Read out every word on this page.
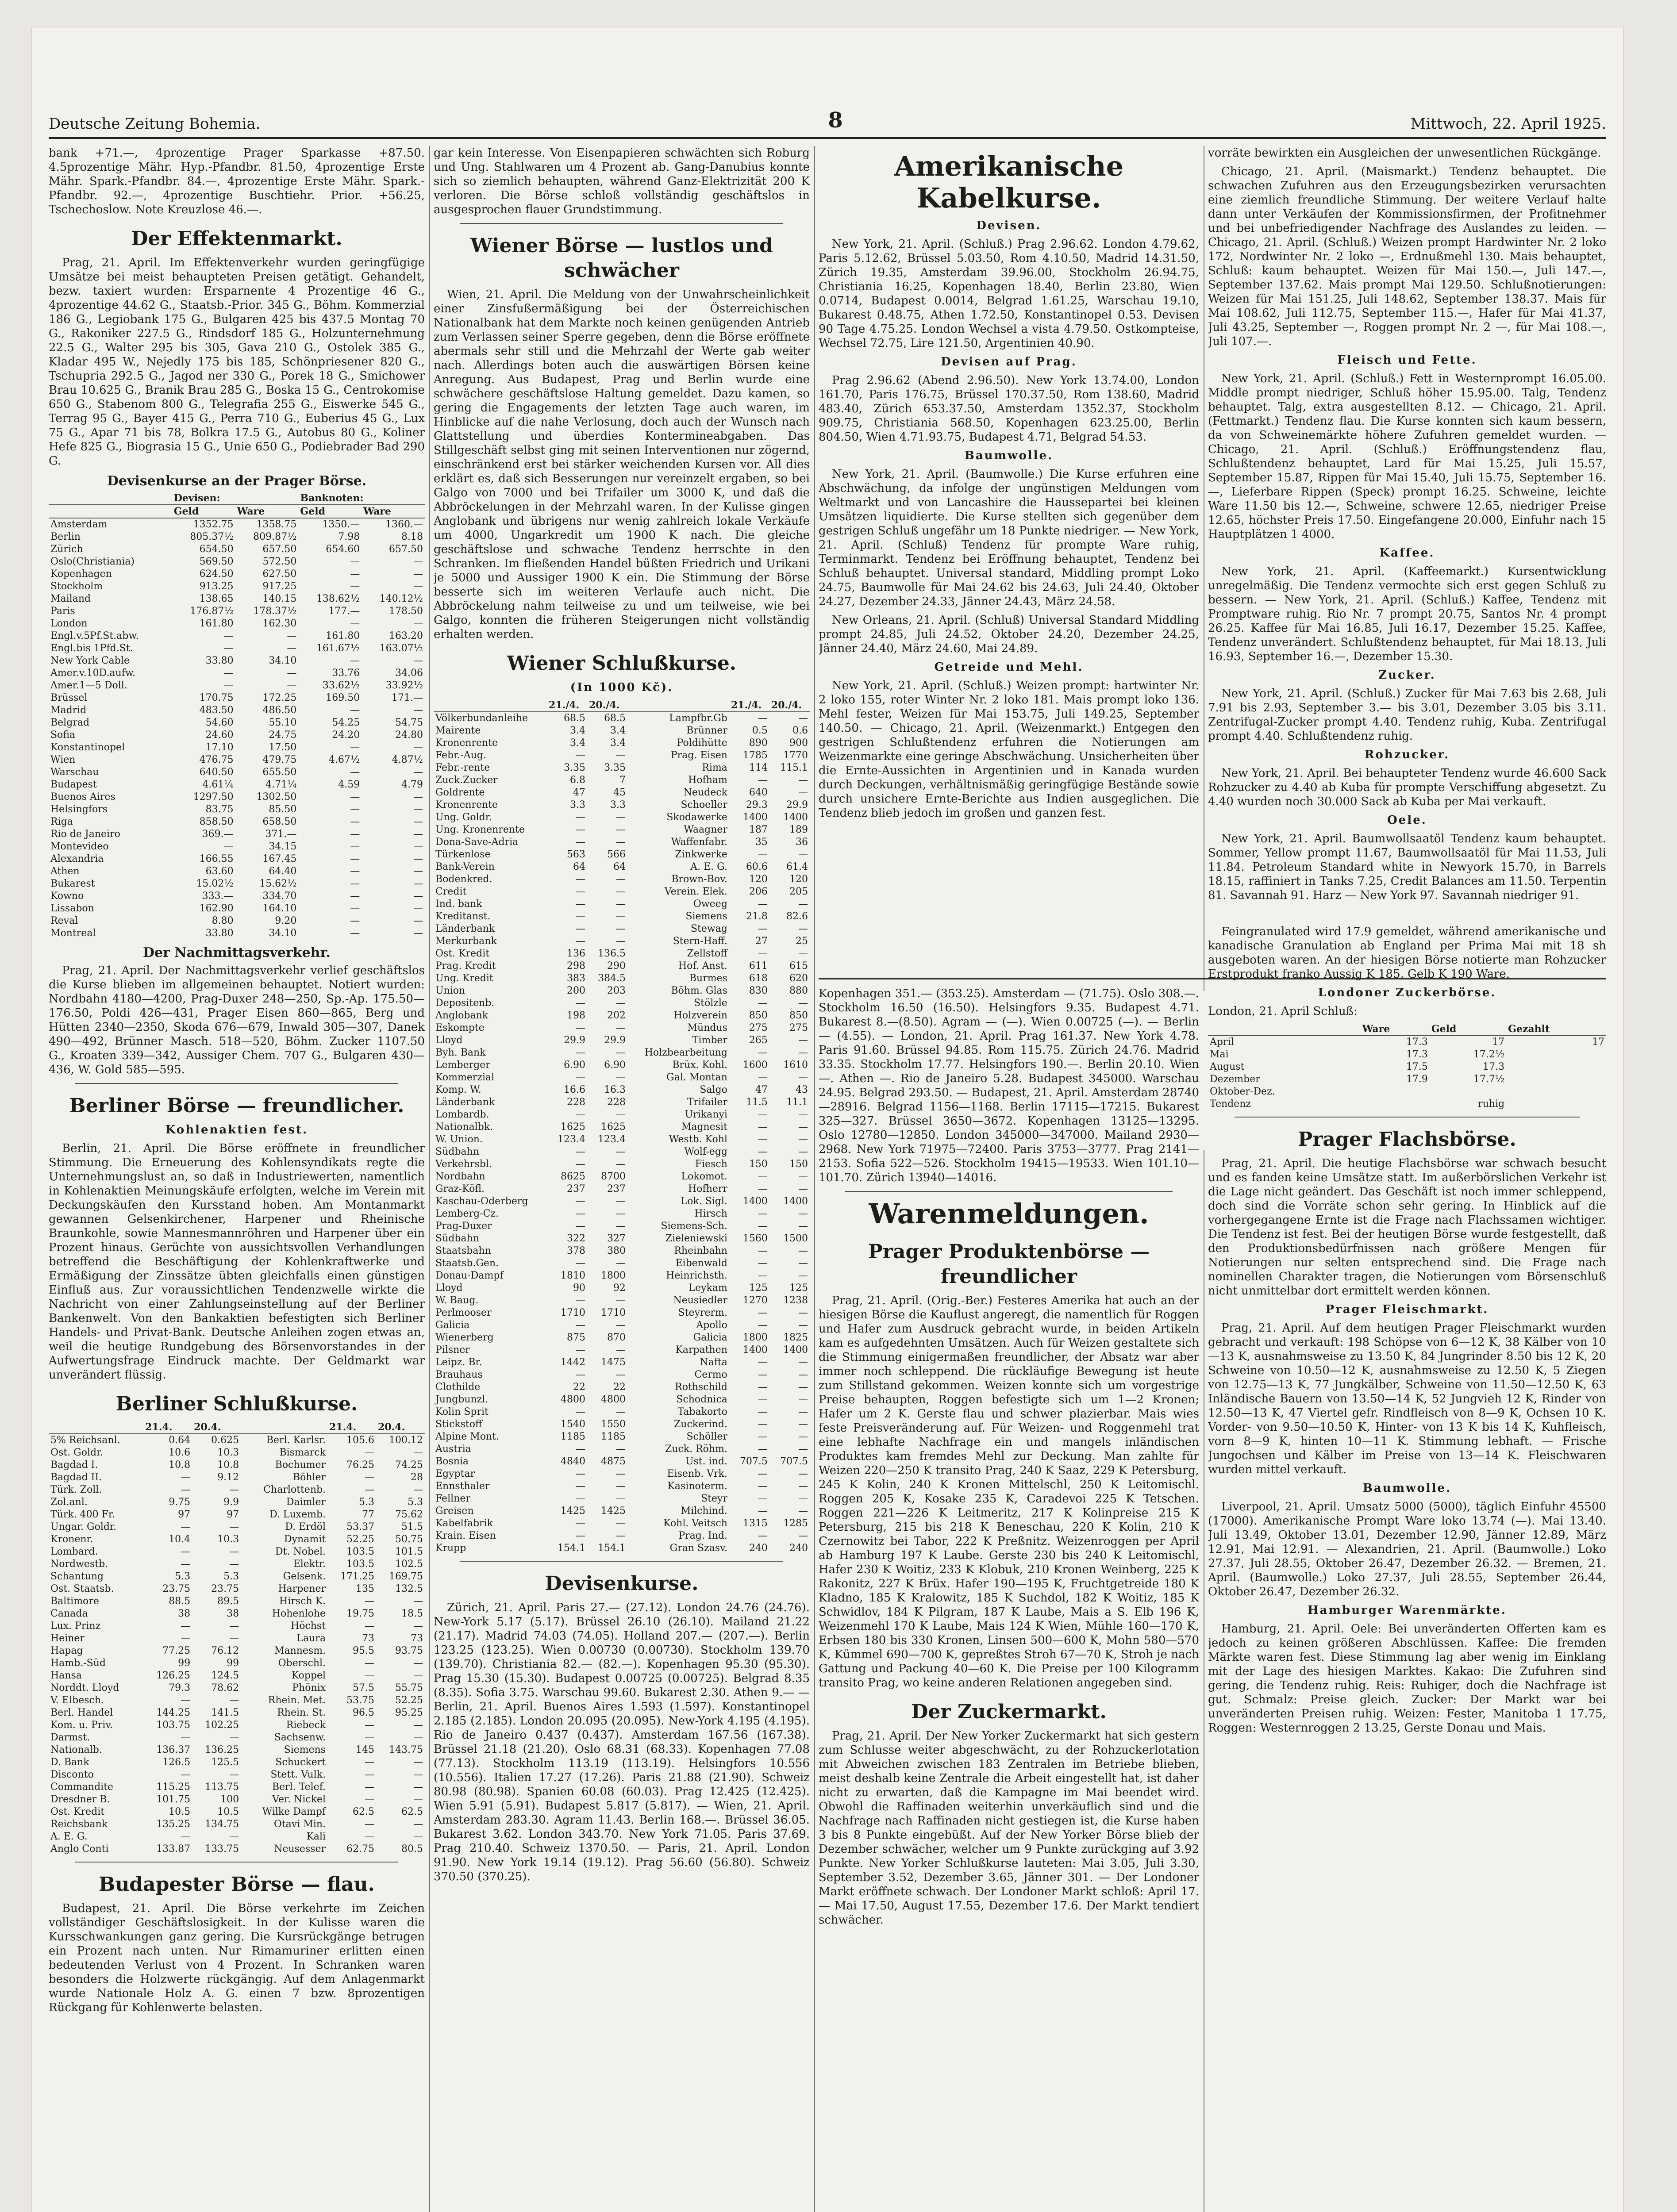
Deutsche Zeitung Bohemia.	8	Mittwoch, 22. April 1925.

bank +71.—, 4prozentige Prager Sparkasse +87.50. 4.5prozentige Mähr. Hyp.-Pfandbr. 81.50, 4prozentige Erste Mähr. Spark.-Pfandbr. 84.—, 4prozentige Erste Mähr. Spark.-Pfandbr. 92.—, 4prozentige Buschtiehr. Prior. +56.25, Tschechoslow. Note Kreuzlose 46.—.

Der Effektenmarkt.

Prag, 21. April. Im Effektenverkehr wurden geringfügige Umsätze bei meist behaupteten Preisen getätigt. Gehandelt, bezw. taxiert wurden: Ersparnente 4 Prozentige 46 G., 4prozentige 44.62 G., Staatsb.-Prior. 345 G., Böhm. Kommerzial 186 G., Legiobank 175 G., Bulgaren 425 bis 437.5 Montag 70 G., Rakoniker 227.5 G., Rindsdorf 185 G., Holzunternehmung 22.5 G., Walter 295 bis 305, Gava 210 G., Ostolek 385 G., Kladar 495 W., Nejedly 175 bis 185, Schönpriesener 820 G., Tschupria 292.5 G., Jagod ner 330 G., Porek 18 G., Smichower Brau 10.625 G., Branik Brau 285 G., Boska 15 G., Centrokomise 650 G., Stabenom 800 G., Telegrafia 255 G., Eiswerke 545 G., Terrag 95 G., Bayer 415 G., Perra 710 G., Euberius 45 G., Lux 75 G., Apar 71 bis 78, Bolkra 17.5 G., Autobus 80 G., Koliner Hefe 825 G., Biograsia 15 G., Unie 650 G., Podiebrader Bad 290 G.

Devisenkurse an der Prager Börse.
	Devisen:		Banknoten:	
	Geld	Ware	Geld	Ware
Amsterdam	1352.75	1358.75	1350.—	1360.—
Berlin	805.37½	809.87½	7.98	8.18
Zürich	654.50	657.50	654.60	657.50
Oslo(Christiania)	569.50	572.50	—	—
Kopenhagen	624.50	627.50	—	—
Stockholm	913.25	917.25	—	—
Mailand	138.65	140.15	138.62½	140.12½
Paris	176.87½	178.37½	177.—	178.50
London	161.80	162.30	—	—
Engl.v.5Pf.St.abw.	—	—	161.80	163.20
Engl.bis 1Pfd.St.	—	—	161.67½	163.07½
New York Cable	33.80	34.10	—	—
Amer.v.10D.aufw.	—	—	33.76	34.06
Amer.1—5 Doll.	—	—	33.62½	33.92½
Brüssel	170.75	172.25	169.50	171.—
Madrid	483.50	486.50	—	—
Belgrad	54.60	55.10	54.25	54.75
Sofia	24.60	24.75	24.20	24.80
Konstantinopel	17.10	17.50	—	—
Wien	476.75	479.75	4.67½	4.87½
Warschau	640.50	655.50	—	—
Budapest	4.61¼	4.71¼	4.59	4.79
Buenos Aires	1297.50	1302.50	—	—
Helsingfors	83.75	85.50	—	—
Riga	858.50	658.50	—	—
Rio de Janeiro	369.—	371.—	—	—
Montevideo	—	34.15	—	—
Alexandria	166.55	167.45	—	—
Athen	63.60	64.40	—	—
Bukarest	15.02½	15.62½	—	—
Kowno	333.—	334.70	—	—
Lissabon	162.90	164.10	—	—
Reval	8.80	9.20	—	—
Montreal	33.80	34.10	—	—
Der Nachmittagsverkehr.

Prag, 21. April. Der Nachmittagsverkehr verlief geschäftslos die Kurse blieben im allgemeinen behauptet. Notiert wurden: Nordbahn 4180—4200, Prag-Duxer 248—250, Sp.-Ap. 175.50—176.50, Poldi 426—431, Prager Eisen 860—865, Berg und Hütten 2340—2350, Skoda 676—679, Inwald 305—307, Danek 490—492, Brünner Masch. 518—520, Böhm. Zucker 1107.50 G., Kroaten 339—342, Aussiger Chem. 707 G., Bulgaren 430—436, W. Gold 585—595.

Berliner Börse — freundlicher.
Kohlenaktien fest.

Berlin, 21. April. Die Börse eröffnete in freundlicher Stimmung. Die Erneuerung des Kohlensyndikats regte die Unternehmungslust an, so daß in Industriewerten, namentlich in Kohlenaktien Meinungskäufe erfolgten, welche im Verein mit Deckungskäufen den Kursstand hoben. Am Montanmarkt gewannen Gelsenkirchener, Harpener und Rheinische Braunkohle, sowie Mannesmannröhren und Harpener über ein Prozent hinaus. Gerüchte von aussichtsvollen Verhandlungen betreffend die Beschäftigung der Kohlenkraftwerke und Ermäßigung der Zinssätze übten gleichfalls einen günstigen Einfluß aus. Zur voraussichtlichen Tendenzwelle wirkte die Nachricht von einer Zahlungseinstellung auf der Berliner Bankenwelt. Von den Bankaktien befestigten sich Berliner Handels- und Privat-Bank. Deutsche Anleihen zogen etwas an, weil die heutige Rundgebung des Börsenvorstandes in der Aufwertungsfrage Eindruck machte. Der Geldmarkt war unverändert flüssig.

Berliner Schlußkurse.
	21.4.	20.4.		21.4.	20.4.
5% Reichsanl.	0.64	0.625	Berl. Karlsr.	105.6	100.12
Ost. Goldr.	10.6	10.3	Bismarck	—	—
Bagdad I.	10.8	10.8	Bochumer	76.25	74.25
Bagdad II.	—	9.12	Böhler	—	28
Türk. Zoll.	—	—	Charlottenb.	—	—
Zol.anl.	9.75	9.9	Daimler	5.3	5.3
Türk. 400 Fr.	97	97	D. Luxemb.	77	75.62
Ungar. Goldr.	—	—	D. Erdöl	53.37	51.5
Kronenr.	10.4	10.3	Dynamit	52.25	50.75
Lombard.	—	—	Dt. Nobel.	103.5	101.5
Nordwestb.	—	—	Elektr.	103.5	102.5
Schantung	5.3	5.3	Gelsenk.	171.25	169.75
Ost. Staatsb.	23.75	23.75	Harpener	135	132.5
Baltimore	88.5	89.5	Hirsch K.	—	—
Canada	38	38	Hohenlohe	19.75	18.5
Lux. Prinz	—	—	Höchst	—	—
Heiner	—	—	Laura	73	73
Hapag	77.25	76.12	Mannesm.	95.5	93.75
Hamb.-Süd	99	99	Oberschl.	—	—
Hansa	126.25	124.5	Koppel	—	—
Norddt. Lloyd	79.3	78.62	Phönix	57.5	55.75
V. Elbesch.	—	—	Rhein. Met.	53.75	52.25
Berl. Handel	144.25	141.5	Rhein. St.	96.5	95.25
Kom. u. Priv.	103.75	102.25	Riebeck	—	—
Darmst.	—	—	Sachsenw.	—	—
Nationalb.	136.37	136.25	Siemens	145	143.75
D. Bank	126.5	125.5	Schuckert	—	—
Disconto	—	—	Stett. Vulk.	—	—
Commandite	115.25	113.75	Berl. Telef.	—	—
Dresdner B.	101.75	100	Ver. Nickel	—	—
Ost. Kredit	10.5	10.5	Wilke Dampf	62.5	62.5
Reichsbank	135.25	134.75	Otavi Min.	—	—
A. E. G.	—	—	Kali	—	—
Anglo Conti	133.87	133.75	Neusesser	62.75	80.5
Budapester Börse — flau.

Budapest, 21. April. Die Börse verkehrte im Zeichen vollständiger Geschäftslosigkeit. In der Kulisse waren die Kursschwankungen ganz gering. Die Kursrückgänge betrugen ein Prozent nach unten. Nur Rimamuriner erlitten einen bedeutenden Verlust von 4 Prozent. In Schranken waren besonders die Holzwerte rückgängig. Auf dem Anlagenmarkt wurde Nationale Holz A. G. einen 7 bzw. 8prozentigen Rückgang für Kohlenwerte belasten.

gar kein Interesse. Von Eisenpapieren schwächten sich Roburg und Ung. Stahlwaren um 4 Prozent ab. Gang-Danubius konnte sich so ziemlich behaupten, während Ganz-Elektrizität 200 K verloren. Die Börse schloß vollständig geschäftslos in ausgesprochen flauer Grundstimmung.

Wiener Börse — lustlos und schwächer

Wien, 21. April. Die Meldung von der Unwahrscheinlichkeit einer Zinsfußermäßigung bei der Österreichischen Nationalbank hat dem Markte noch keinen genügenden Antrieb zum Verlassen seiner Sperre gegeben, denn die Börse eröffnete abermals sehr still und die Mehrzahl der Werte gab weiter nach. Allerdings boten auch die auswärtigen Börsen keine Anregung. Aus Budapest, Prag und Berlin wurde eine schwächere geschäftslose Haltung gemeldet. Dazu kamen, so gering die Engagements der letzten Tage auch waren, im Hinblicke auf die nahe Verlosung, doch auch der Wunsch nach Glattstellung und überdies Kontermineabgaben. Das Stillgeschäft selbst ging mit seinen Interventionen nur zögernd, einschränkend erst bei stärker weichenden Kursen vor. All dies erklärt es, daß sich Besserungen nur vereinzelt ergaben, so bei Galgo von 7000 und bei Trifailer um 3000 K, und daß die Abbröckelungen in der Mehrzahl waren. In der Kulisse gingen Anglobank und übrigens nur wenig zahlreich lokale Verkäufe um 4000, Ungarkredit um 1900 K nach. Die gleiche geschäftslose und schwache Tendenz herrschte in den Schranken. Im fließenden Handel büßten Friedrich und Urikani je 5000 und Aussiger 1900 K ein. Die Stimmung der Börse besserte sich im weiteren Verlaufe auch nicht. Die Abbröckelung nahm teilweise zu und um teilweise, wie bei Galgo, konnten die früheren Steigerungen nicht vollständig erhalten werden.

Wiener Schlußkurse.
(In 1000 Kč).
	21./4.	20./4.		21./4.	20./4.
Völkerbundanleihe	68.5	68.5	Lampfbr.Gb	—	—
Mairente	3.4	3.4	Brünner	0.5	0.6
Kronenrente	3.4	3.4	Poldihütte	890	900
Febr.-Aug.	—	—	Prag. Eisen	1785	1770
Febr.-rente	3.35	3.35	Rima	114	115.1
Zuck.Zucker	6.8	7	Hofham	—	—
Goldrente	47	45	Neudeck	640	—
Kronenrente	3.3	3.3	Schoeller	29.3	29.9
Ung. Goldr.	—	—	Skodawerke	1400	1400
Ung. Kronenrente	—	—	Waagner	187	189
Dona-Save-Adria	—	—	Waffenfabr.	35	36
Türkenlose	563	566	Zinkwerke	—	—
Bank-Verein	64	64	A. E. G.	60.6	61.4
Bodenkred.	—	—	Brown-Bov.	120	120
Credit	—	—	Verein. Elek.	206	205
Ind. bank	—	—	Oweeg	—	—
Kreditanst.	—	—	Siemens	21.8	82.6
Länderbank	—	—	Stewag	—	—
Merkurbank	—	—	Stern-Haff.	27	25
Ost. Kredit	136	136.5	Zellstoff	—	—
Prag. Kredit	298	290	Hof. Anst.	611	615
Ung. Kredit	383	384.5	Burmes	618	620
Union	200	203	Böhm. Glas	830	880
Depositenb.	—	—	Stölzle	—	—
Anglobank	198	202	Holzverein	850	850
Eskompte	—	—	Mündus	275	275
Lloyd	29.9	29.9	Timber	265	—
Byh. Bank	—	—	Holzbearbeitung	—	—
Lemberger	6.90	6.90	Brüx. Kohl.	1600	1610
Kommerzial	—	—	Gal. Montan	—	—
Komp. W.	16.6	16.3	Salgo	47	43
Länderbank	228	228	Trifailer	11.5	11.1
Lombardb.	—	—	Urikanyi	—	—
Nationalbk.	1625	1625	Magnesit	—	—
W. Union.	123.4	123.4	Westb. Kohl	—	—
Südbahn	—	—	Wolf-egg	—	—
Verkehrsbl.	—	—	Fiesch	150	150
Nordbahn	8625	8700	Lokomot.	—	—
Graz-Köfl.	237	237	Hofherr	—	—
Kaschau-Oderberg	—	—	Lok. Sigl.	1400	1400
Lemberg-Cz.	—	—	Hirsch	—	—
Prag-Duxer	—	—	Siemens-Sch.	—	—
Südbahn	322	327	Zieleniewski	1560	1500
Staatsbahn	378	380	Rheinbahn	—	—
Staatsb.Gen.	—	—	Eibenwald	—	—
Donau-Dampf	1810	1800	Heinrichsth.	—	—
Lloyd	90	92	Leykam	125	125
W. Baug.	—	—	Neusiedler	1270	1238
Perlmooser	1710	1710	Steyrerm.	—	—
Galicia	—	—	Apollo	—	—
Wienerberg	875	870	Galicia	1800	1825
Pilsner	—	—	Karpathen	1400	1400
Leipz. Br.	1442	1475	Nafta	—	—
Brauhaus	—	—	Cermo	—	—
Clothilde	22	22	Rothschild	—	—
Jungbunzl.	4800	4800	Schodnica	—	—
Kolin Sprit	—	—	Tabakorto	—	—
Stickstoff	1540	1550	Zuckerind.	—	—
Alpine Mont.	1185	1185	Schöller	—	—
Austria	—	—	Zuck. Röhm.	—	—
Bosnia	4840	4875	Ust. ind.	707.5	707.5
Egyptar	—	—	Eisenb. Vrk.	—	—
Ennsthaler	—	—	Kasinoterm.	—	—
Fellner	—	—	Steyr	—	—
Greisen	1425	1425	Milchind.	—	—
Kabelfabrik	—	—	Kohl. Veitsch	1315	1285
Krain. Eisen	—	—	Prag. Ind.	—	—
Krupp	154.1	154.1	Gran Szasv.	240	240
Devisenkurse.

Zürich, 21. April. Paris 27.— (27.12). London 24.76 (24.76). New-York 5.17 (5.17). Brüssel 26.10 (26.10). Mailand 21.22 (21.17). Madrid 74.03 (74.05). Holland 207.— (207.—). Berlin 123.25 (123.25). Wien 0.00730 (0.00730). Stockholm 139.70 (139.70). Christiania 82.— (82.—). Kopenhagen 95.30 (95.30). Prag 15.30 (15.30). Budapest 0.00725 (0.00725). Belgrad 8.35 (8.35). Sofia 3.75. Warschau 99.60. Bukarest 2.30. Athen 9.— — Berlin, 21. April. Buenos Aires 1.593 (1.597). Konstantinopel 2.185 (2.185). London 20.095 (20.095). New-York 4.195 (4.195). Rio de Janeiro 0.437 (0.437). Amsterdam 167.56 (167.38). Brüssel 21.18 (21.20). Oslo 68.31 (68.33). Kopenhagen 77.08 (77.13). Stockholm 113.19 (113.19). Helsingfors 10.556 (10.556). Italien 17.27 (17.26). Paris 21.88 (21.90). Schweiz 80.98 (80.98). Spanien 60.08 (60.03). Prag 12.425 (12.425). Wien 5.91 (5.91). Budapest 5.817 (5.817). — Wien, 21. April. Amsterdam 283.30. Agram 11.43. Berlin 168.—. Brüssel 36.05. Bukarest 3.62. London 343.70. New York 71.05. Paris 37.69. Prag 210.40. Schweiz 1370.50. — Paris, 21. April. London 91.90. New York 19.14 (19.12). Prag 56.60 (56.80). Schweiz 370.50 (370.25).

Amerikanische Kabelkurse.
Devisen.

New York, 21. April. (Schluß.) Prag 2.96.62. London 4.79.62, Paris 5.12.62, Brüssel 5.03.50, Rom 4.10.50, Madrid 14.31.50, Zürich 19.35, Amsterdam 39.96.00, Stockholm 26.94.75, Christiania 16.25, Kopenhagen 18.40, Berlin 23.80, Wien 0.0714, Budapest 0.0014, Belgrad 1.61.25, Warschau 19.10, Bukarest 0.48.75, Athen 1.72.50, Konstantinopel 0.53. Devisen 90 Tage 4.75.25. London Wechsel a vista 4.79.50. Ostkompteise, Wechsel 72.75, Lire 121.50, Argentinien 40.90.

Devisen auf Prag.

Prag 2.96.62 (Abend 2.96.50). New York 13.74.00, London 161.70, Paris 176.75, Brüssel 170.37.50, Rom 138.60, Madrid 483.40, Zürich 653.37.50, Amsterdam 1352.37, Stockholm 909.75, Christiania 568.50, Kopenhagen 623.25.00, Berlin 804.50, Wien 4.71.93.75, Budapest 4.71, Belgrad 54.53.

Baumwolle.

New York, 21. April. (Baumwolle.) Die Kurse erfuhren eine Abschwächung, da infolge der ungünstigen Meldungen vom Weltmarkt und von Lancashire die Haussepartei bei kleinen Umsätzen liquidierte. Die Kurse stellten sich gegenüber dem gestrigen Schluß ungefähr um 18 Punkte niedriger. — New York, 21. April. (Schluß) Tendenz für prompte Ware ruhig, Terminmarkt. Tendenz bei Eröffnung behauptet, Tendenz bei Schluß behauptet. Universal standard, Middling prompt Loko 24.75, Baumwolle für Mai 24.62 bis 24.63, Juli 24.40, Oktober 24.27, Dezember 24.33, Jänner 24.43, März 24.58.

New Orleans, 21. April. (Schluß) Universal Standard Middling prompt 24.85, Juli 24.52, Oktober 24.20, Dezember 24.25, Jänner 24.40, März 24.60, Mai 24.89.

Getreide und Mehl.

New York, 21. April. (Schluß.) Weizen prompt: hartwinter Nr. 2 loko 155, roter Winter Nr. 2 loko 181. Mais prompt loko 136. Mehl fester, Weizen für Mai 153.75, Juli 149.25, September 140.50. — Chicago, 21. April. (Weizenmarkt.) Entgegen den gestrigen Schlußtendenz erfuhren die Notierungen am Weizenmarkte eine geringe Abschwächung. Unsicherheiten über die Ernte-Aussichten in Argentinien und in Kanada wurden durch Deckungen, verhältnismäßig geringfügige Bestände sowie durch unsichere Ernte-Berichte aus Indien ausgeglichen. Die Tendenz blieb jedoch im großen und ganzen fest.

Kopenhagen 351.— (353.25). Amsterdam — (71.75). Oslo 308.—. Stockholm 16.50 (16.50). Helsingfors 9.35. Budapest 4.71. Bukarest 8.—(8.50). Agram — (—). Wien 0.00725 (—). — Berlin — (4.55). — London, 21. April. Prag 161.37. New York 4.78. Paris 91.60. Brüssel 94.85. Rom 115.75. Zürich 24.76. Madrid 33.35. Stockholm 17.77. Helsingfors 190.—. Berlin 20.10. Wien —. Athen —. Rio de Janeiro 5.28. Budapest 345000. Warschau 24.95. Belgrad 293.50. — Budapest, 21. April. Amsterdam 28740—28916. Belgrad 1156—1168. Berlin 17115—17215. Bukarest 325—327. Brüssel 3650—3672. Kopenhagen 13125—13295. Oslo 12780—12850. London 345000—347000. Mailand 2930—2968. New York 71975—72400. Paris 3753—3777. Prag 2141—2153. Sofia 522—526. Stockholm 19415—19533. Wien 101.10—101.70. Zürich 13940—14016.

Warenmeldungen.
Prager Produktenbörse — freundlicher

Prag, 21. April. (Orig.-Ber.) Festeres Amerika hat auch an der hiesigen Börse die Kauflust angeregt, die namentlich für Roggen und Hafer zum Ausdruck gebracht wurde, in beiden Artikeln kam es aufgedehnten Umsätzen. Auch für Weizen gestaltete sich die Stimmung einigermaßen freundlicher, der Absatz war aber immer noch schleppend. Die rückläufige Bewegung ist heute zum Stillstand gekommen. Weizen konnte sich um vorgestrige Preise behaupten, Roggen befestigte sich um 1—2 Kronen; Hafer um 2 K. Gerste flau und schwer plazierbar. Mais wies feste Preisveränderung auf. Für Weizen- und Roggenmehl trat eine lebhafte Nachfrage ein und mangels inländischen Produktes kam fremdes Mehl zur Deckung. Man zahlte für Weizen 220—250 K transito Prag, 240 K Saaz, 229 K Petersburg, 245 K Kolin, 240 K Kronen Mittelschl, 250 K Leitomischl. Roggen 205 K, Kosake 235 K, Caradevoi 225 K Tetschen. Roggen 221—226 K Leitmeritz, 217 K Kolinpreise 215 K Petersburg, 215 bis 218 K Beneschau, 220 K Kolin, 210 K Czernowitz bei Tabor, 222 K Preßnitz. Weizenroggen per April ab Hamburg 197 K Laube. Gerste 230 bis 240 K Leitomischl, Hafer 230 K Woitiz, 233 K Klobuk, 210 Kronen Weinberg, 225 K Rakonitz, 227 K Brüx. Hafer 190—195 K, Fruchtgetreide 180 K Kladno, 185 K Kralowitz, 185 K Suchdol, 182 K Woitiz, 185 K Schwidlov, 184 K Pilgram, 187 K Laube, Mais a S. Elb 196 K, Weizenmehl 170 K Laube, Mais 124 K Wien, Mühle 160—170 K, Erbsen 180 bis 330 Kronen, Linsen 500—600 K, Mohn 580—570 K, Kümmel 690—700 K, gepreßtes Stroh 67—70 K, Stroh je nach Gattung und Packung 40—60 K. Die Preise per 100 Kilogramm transito Prag, wo keine anderen Relationen angegeben sind.

Der Zuckermarkt.

Prag, 21. April. Der New Yorker Zuckermarkt hat sich gestern zum Schlusse weiter abgeschwächt, zu der Rohzuckerlotation mit Abweichen zwischen 183 Zentralen im Betriebe blieben, meist deshalb keine Zentrale die Arbeit eingestellt hat, ist daher nicht zu erwarten, daß die Kampagne im Mai beendet wird. Obwohl die Raffinaden weiterhin unverkäuflich sind und die Nachfrage nach Raffinaden nicht gestiegen ist, die Kurse haben 3 bis 8 Punkte eingebüßt. Auf der New Yorker Börse blieb der Dezember schwächer, welcher um 9 Punkte zurückging auf 3.92 Punkte. New Yorker Schlußkurse lauteten: Mai 3.05, Juli 3.30, September 3.52, Dezember 3.65, Jänner 301. — Der Londoner Markt eröffnete schwach. Der Londoner Markt schloß: April 17. — Mai 17.50, August 17.55, Dezember 17.6. Der Markt tendiert schwächer.

vorräte bewirkten ein Ausgleichen der unwesentlichen Rückgänge.

Chicago, 21. April. (Maismarkt.) Tendenz behauptet. Die schwachen Zufuhren aus den Erzeugungsbezirken verursachten eine ziemlich freundliche Stimmung. Der weitere Verlauf halte dann unter Verkäufen der Kommissionsfirmen, der Profitnehmer und bei unbefriedigender Nachfrage des Auslandes zu leiden. — Chicago, 21. April. (Schluß.) Weizen prompt Hardwinter Nr. 2 loko 172, Nordwinter Nr. 2 loko —, Erdnußmehl 130. Mais behauptet, Schluß: kaum behauptet. Weizen für Mai 150.—, Juli 147.—, September 137.62. Mais prompt Mai 129.50. Schlußnotierungen: Weizen für Mai 151.25, Juli 148.62, September 138.37. Mais für Mai 108.62, Juli 112.75, September 115.—, Hafer für Mai 41.37, Juli 43.25, September —, Roggen prompt Nr. 2 —, für Mai 108.—, Juli 107.—.

Fleisch und Fette.

New York, 21. April. (Schluß.) Fett in Westernprompt 16.05.00. Middle prompt niedriger, Schluß höher 15.95.00. Talg, Tendenz behauptet. Talg, extra ausgestellten 8.12. — Chicago, 21. April. (Fettmarkt.) Tendenz flau. Die Kurse konnten sich kaum bessern, da von Schweinemärkte höhere Zufuhren gemeldet wurden. — Chicago, 21. April. (Schluß.) Eröffnungstendenz flau, Schlußtendenz behauptet, Lard für Mai 15.25, Juli 15.57, September 15.87, Rippen für Mai 15.40, Juli 15.75, September 16.—, Lieferbare Rippen (Speck) prompt 16.25. Schweine, leichte Ware 11.50 bis 12.—, Schweine, schwere 12.65, niedriger Preise 12.65, höchster Preis 17.50. Eingefangene 20.000, Einfuhr nach 15 Hauptplätzen 1 4000.

Kaffee.

New York, 21. April. (Kaffeemarkt.) Kursentwicklung unregelmäßig. Die Tendenz vermochte sich erst gegen Schluß zu bessern. — New York, 21. April. (Schluß.) Kaffee, Tendenz mit Promptware ruhig. Rio Nr. 7 prompt 20.75, Santos Nr. 4 prompt 26.25. Kaffee für Mai 16.85, Juli 16.17, Dezember 15.25. Kaffee, Tendenz unverändert. Schlußtendenz behauptet, für Mai 18.13, Juli 16.93, September 16.—, Dezember 15.30.

Zucker.

New York, 21. April. (Schluß.) Zucker für Mai 7.63 bis 2.68, Juli 7.91 bis 2.93, September 3.— bis 3.01, Dezember 3.05 bis 3.11. Zentrifugal-Zucker prompt 4.40. Tendenz ruhig, Kuba. Zentrifugal prompt 4.40. Schlußtendenz ruhig.

Rohzucker.

New York, 21. April. Bei behaupteter Tendenz wurde 46.600 Sack Rohzucker zu 4.40 ab Kuba für prompte Verschiffung abgesetzt. Zu 4.40 wurden noch 30.000 Sack ab Kuba per Mai verkauft.

Oele.

New York, 21. April. Baumwollsaatöl Tendenz kaum behauptet. Sommer, Yellow prompt 11.67, Baumwollsaatöl für Mai 11.53, Juli 11.84. Petroleum Standard white in Newyork 15.70, in Barrels 18.15, raffiniert in Tanks 7.25, Credit Balances am 11.50. Terpentin 81. Savannah 91. Harz — New York 97. Savannah niedriger 91.

Feingranulated wird 17.9 gemeldet, während amerikanische und kanadische Granulation ab England per Prima Mai mit 18 sh ausgeboten waren. An der hiesigen Börse notierte man Rohzucker Erstprodukt franko Aussig K 185, Gelb K 190 Ware.

Londoner Zuckerbörse.

London, 21. April Schluß:

	Ware	Geld	Gezahlt
April	17.3	17	17
Mai	17.3	17.2½	
August	17.5	17.3	
Dezember	17.9	17.7½	
Oktober-Dez.			
Tendenz		ruhig	
Prager Flachsbörse.

Prag, 21. April. Die heutige Flachsbörse war schwach besucht und es fanden keine Umsätze statt. Im außerbörslichen Verkehr ist die Lage nicht geändert. Das Geschäft ist noch immer schleppend, doch sind die Vorräte schon sehr gering. In Hinblick auf die vorhergegangene Ernte ist die Frage nach Flachssamen wichtiger. Die Tendenz ist fest. Bei der heutigen Börse wurde festgestellt, daß den Produktionsbedürfnissen nach größere Mengen für Notierungen nur selten entsprechend sind. Die Frage nach nominellen Charakter tragen, die Notierungen vom Börsenschluß nicht unmittelbar dort ermittelt werden können.

Prager Fleischmarkt.

Prag, 21. April. Auf dem heutigen Prager Fleischmarkt wurden gebracht und verkauft: 198 Schöpse von 6—12 K, 38 Kälber von 10—13 K, ausnahmsweise zu 13.50 K, 84 Jungrinder 8.50 bis 12 K, 20 Schweine von 10.50—12 K, ausnahmsweise zu 12.50 K, 5 Ziegen von 12.75—13 K, 77 Jungkälber, Schweine von 11.50—12.50 K, 63 Inländische Bauern von 13.50—14 K, 52 Jungvieh 12 K, Rinder von 12.50—13 K, 47 Viertel gefr. Rindfleisch von 8—9 K, Ochsen 10 K. Vorder- von 9.50—10.50 K, Hinter- von 13 K bis 14 K, Kuhfleisch, vorn 8—9 K, hinten 10—11 K. Stimmung lebhaft. — Frische Jungochsen und Kälber im Preise von 13—14 K. Fleischwaren wurden mittel verkauft.

Baumwolle.

Liverpool, 21. April. Umsatz 5000 (5000), täglich Einfuhr 45500 (17000). Amerikanische Prompt Ware loko 13.74 (—). Mai 13.40. Juli 13.49, Oktober 13.01, Dezember 12.90, Jänner 12.89, März 12.91, Mai 12.91. — Alexandrien, 21. April. (Baumwolle.) Loko 27.37, Juli 28.55, Oktober 26.47, Dezember 26.32. — Bremen, 21. April. (Baumwolle.) Loko 27.37, Juli 28.55, September 26.44, Oktober 26.47, Dezember 26.32.

Hamburger Warenmärkte.

Hamburg, 21. April. Oele: Bei unveränderten Offerten kam es jedoch zu keinen größeren Abschlüssen. Kaffee: Die fremden Märkte waren fest. Diese Stimmung lag aber wenig im Einklang mit der Lage des hiesigen Marktes. Kakao: Die Zufuhren sind gering, die Tendenz ruhig. Reis: Ruhiger, doch die Nachfrage ist gut. Schmalz: Preise gleich. Zucker: Der Markt war bei unveränderten Preisen ruhig. Weizen: Fester, Manitoba 1 17.75, Roggen: Westernroggen 2 13.25, Gerste Donau und Mais.
